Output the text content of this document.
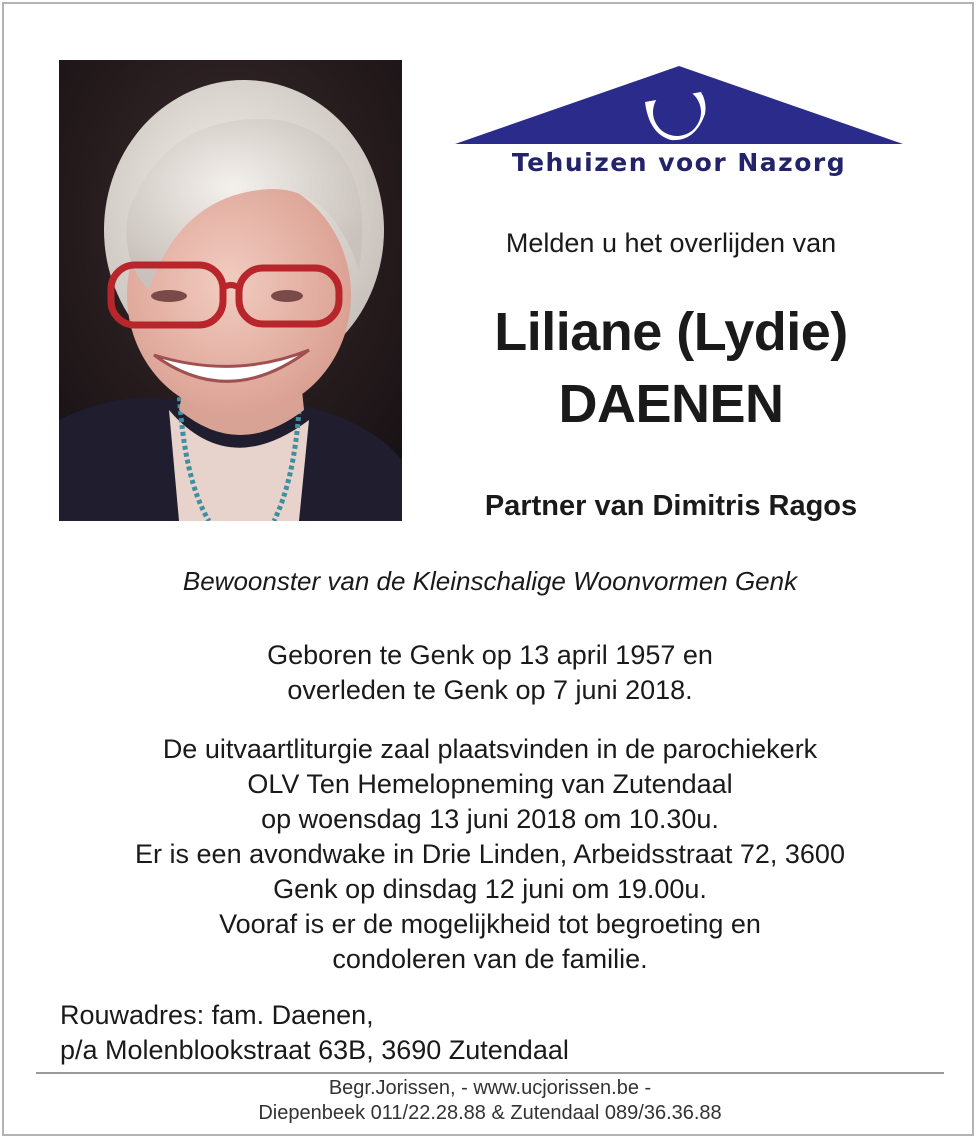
Tehuizen voor Nazorg
Melden u het overlijden van
Liliane (Lydie)
DAENEN
Partner van Dimitris Ragos
Bewoonster van de Kleinschalige Woonvormen Genk
Geboren te Genk op 13 april 1957 en
overleden te Genk op 7 juni 2018.
De uitvaartliturgie zaal plaatsvinden in de parochiekerk
OLV Ten Hemelopneming van Zutendaal
op woensdag 13 juni 2018 om 10.30u.
Er is een avondwake in Drie Linden, Arbeidsstraat 72, 3600
Genk op dinsdag 12 juni om 19.00u.
Vooraf is er de mogelijkheid tot begroeting en
condoleren van de familie.
Rouwadres: fam. Daenen,
p/a Molenblookstraat 63B, 3690 Zutendaal
Begr.Jorissen, - www.ucjorissen.be -
Diepenbeek 011/22.28.88 & Zutendaal 089/36.36.88
